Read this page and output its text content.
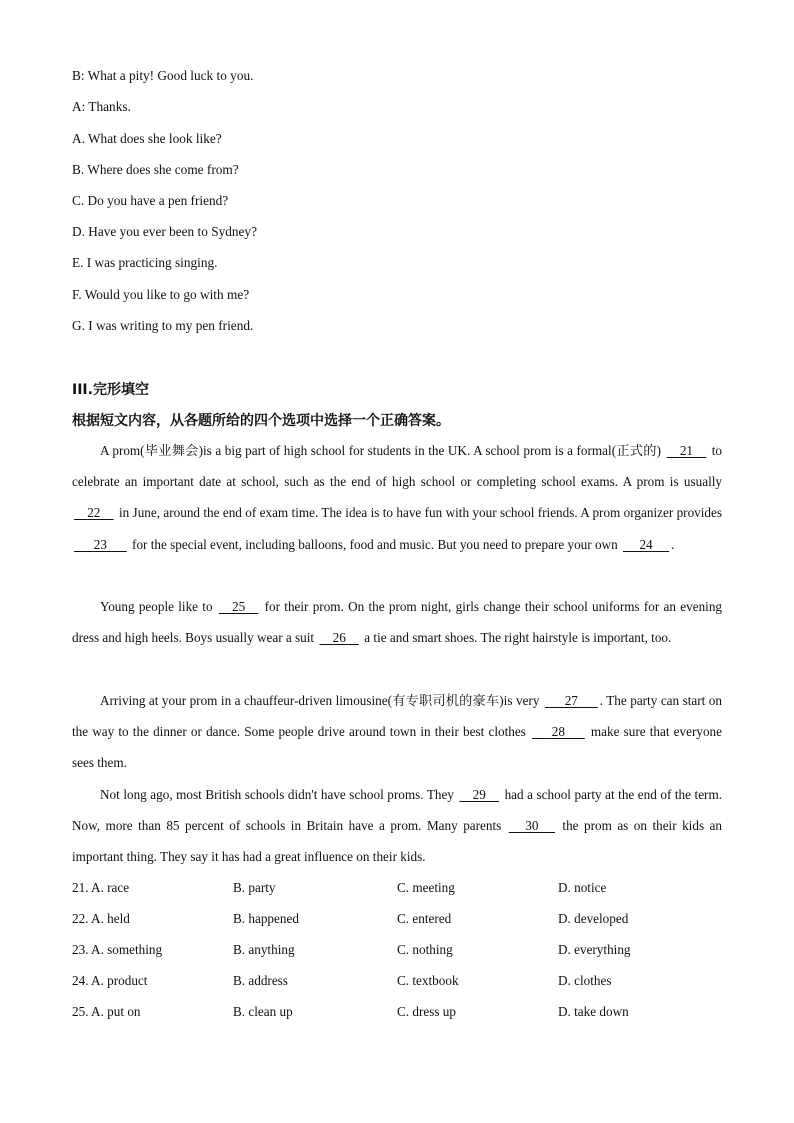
B: What a pity! Good luck to you.
A: Thanks.
A. What does she look like?
B. Where does she come from?
C. Do you have a pen friend?
D. Have you ever been to Sydney?
E. I was practicing singing.
F. Would you like to go with me?
G. I was writing to my pen friend.
III.完形填空
根据短文内容，从各题所给的四个选项中选择一个正确答案。
A prom(毕业舞会)is a big part of high school for students in the UK. A school prom is a formal(正式的) 21 to celebrate an important date at school, such as the end of high school or completing school exams. A prom is usually     22 in June, around the end of exam time. The idea is to have fun with your school friends. A prom organizer provides       23 for the special event, including balloons, food and music. But you need to prepare your own 24 .
Young people like to 25 for their prom. On the prom night, girls change their school uniforms for an evening dress and high heels. Boys usually wear a suit 26 a tie and smart shoes. The right hairstyle is important, too.
Arriving at your prom in a chauffeur-driven limousine(有专职司机的豪车)is very 27 . The party can start on the way to the dinner or dance. Some people drive around town in their best clothes 28 make sure that everyone sees them.
Not long ago, most British schools didn't have school proms. They 29 had a school party at the end of the term. Now, more than 85 percent of schools in Britain have a prom. Many parents 30 the prom as on their kids an important thing. They say it has had a great influence on their kids.
21. A. race	B. party	C. meeting	D. notice
22. A. held	B. happened	C. entered	D. developed
23. A. something	B. anything	C. nothing	D. everything
24. A. product	B. address	C. textbook	D. clothes
25. A. put on	B. clean up	C. dress up	D. take down
